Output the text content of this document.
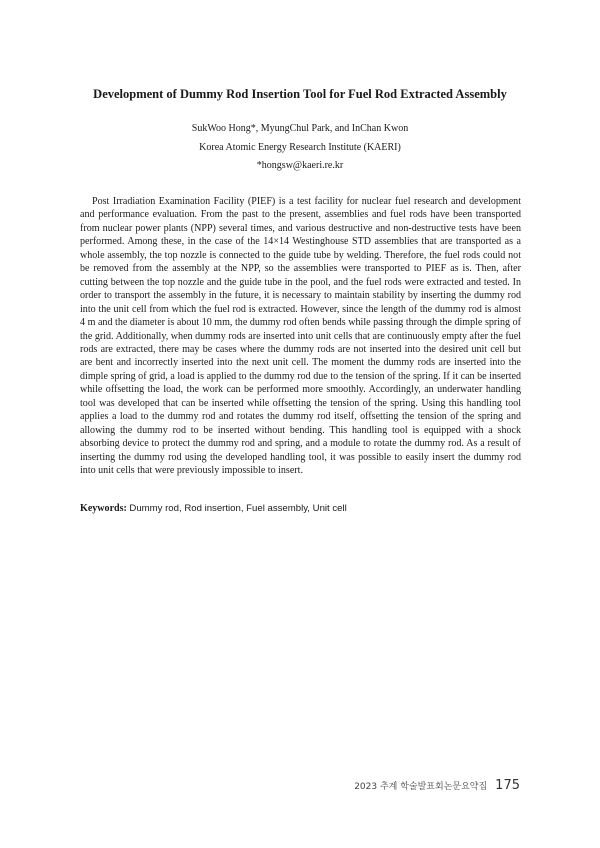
Development of Dummy Rod Insertion Tool for Fuel Rod Extracted Assembly
SukWoo Hong*, MyungChul Park, and InChan Kwon
Korea Atomic Energy Research Institute (KAERI)
*hongsw@kaeri.re.kr

Post Irradiation Examination Facility (PIEF) is a test facility for nuclear fuel research and development and performance evaluation. From the past to the present, assemblies and fuel rods have been transported from nuclear power plants (NPP) several times, and various destructive and non-destructive tests have been performed. Among these, in the case of the 14×14 Westinghouse STD assemblies that are transported as a whole assembly, the top nozzle is connected to the guide tube by welding. Therefore, the fuel rods could not be removed from the assembly at the NPP, so the assemblies were transported to PIEF as is. Then, after cutting between the top nozzle and the guide tube in the pool, and the fuel rods were extracted and tested. In order to transport the assembly in the future, it is necessary to maintain stability by inserting the dummy rod into the unit cell from which the fuel rod is extracted. However, since the length of the dummy rod is almost 4 m and the diameter is about 10 mm, the dummy rod often bends while passing through the dimple spring of the grid. Additionally, when dummy rods are inserted into unit cells that are continuously empty after the fuel rods are extracted, there may be cases where the dummy rods are not inserted into the desired unit cell but are bent and incorrectly inserted into the next unit cell. The moment the dummy rods are inserted into the dimple spring of grid, a load is applied to the dummy rod due to the tension of the spring. If it can be inserted while offsetting the load, the work can be performed more smoothly. Accordingly, an underwater handling tool was developed that can be inserted while offsetting the tension of the spring. Using this handling tool applies a load to the dummy rod and rotates the dummy rod itself, offsetting the tension of the spring and allowing the dummy rod to be inserted without bending. This handling tool is equipped with a shock absorbing device to protect the dummy rod and spring, and a module to rotate the dummy rod. As a result of inserting the dummy rod using the developed handling tool, it was possible to easily insert the dummy rod into unit cells that were previously impossible to insert.

Keywords: Dummy rod, Rod insertion, Fuel assembly, Unit cell

2023 추계 학술발표회논문요약집 175
